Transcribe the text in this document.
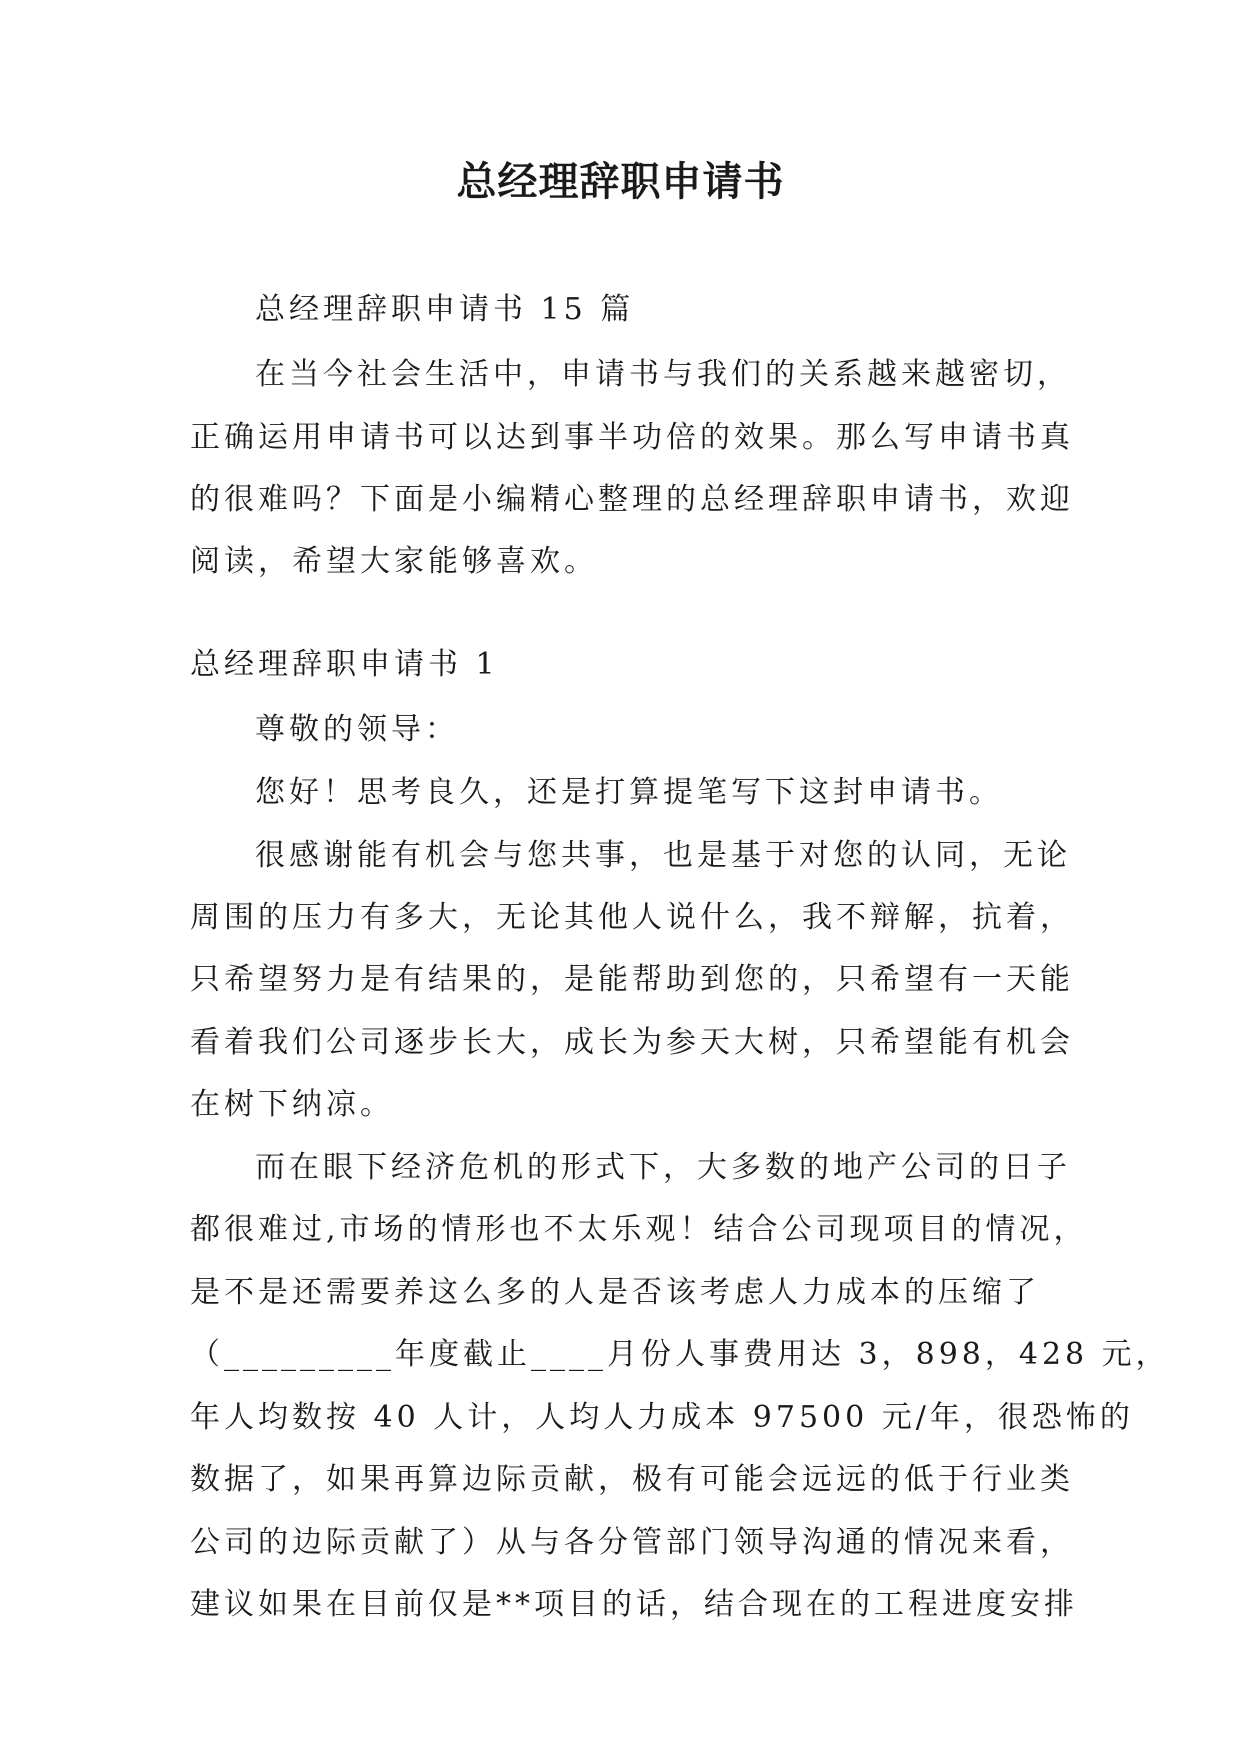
总经理辞职申请书
总经理辞职申请书 15 篇
在当今社会生活中，申请书与我们的关系越来越密切，
正确运用申请书可以达到事半功倍的效果。那么写申请书真
的很难吗？下面是小编精心整理的总经理辞职申请书，欢迎
阅读，希望大家能够喜欢。
总经理辞职申请书 1
尊敬的领导：
您好！思考良久，还是打算提笔写下这封申请书。
很感谢能有机会与您共事，也是基于对您的认同，无论
周围的压力有多大，无论其他人说什么，我不辩解，抗着，
只希望努力是有结果的，是能帮助到您的，只希望有一天能
看着我们公司逐步长大，成长为参天大树，只希望能有机会
在树下纳凉。
而在眼下经济危机的形式下，大多数的地产公司的日子
都很难过,市场的情形也不太乐观！结合公司现项目的情况，
是不是还需要养这么多的人是否该考虑人力成本的压缩了
（_________年度截止____月份人事费用达 3，898，428 元，
年人均数按 40 人计，人均人力成本 97500 元/年，很恐怖的
数据了，如果再算边际贡献，极有可能会远远的低于行业类
公司的边际贡献了）从与各分管部门领导沟通的情况来看，
建议如果在目前仅是**项目的话，结合现在的工程进度安排
